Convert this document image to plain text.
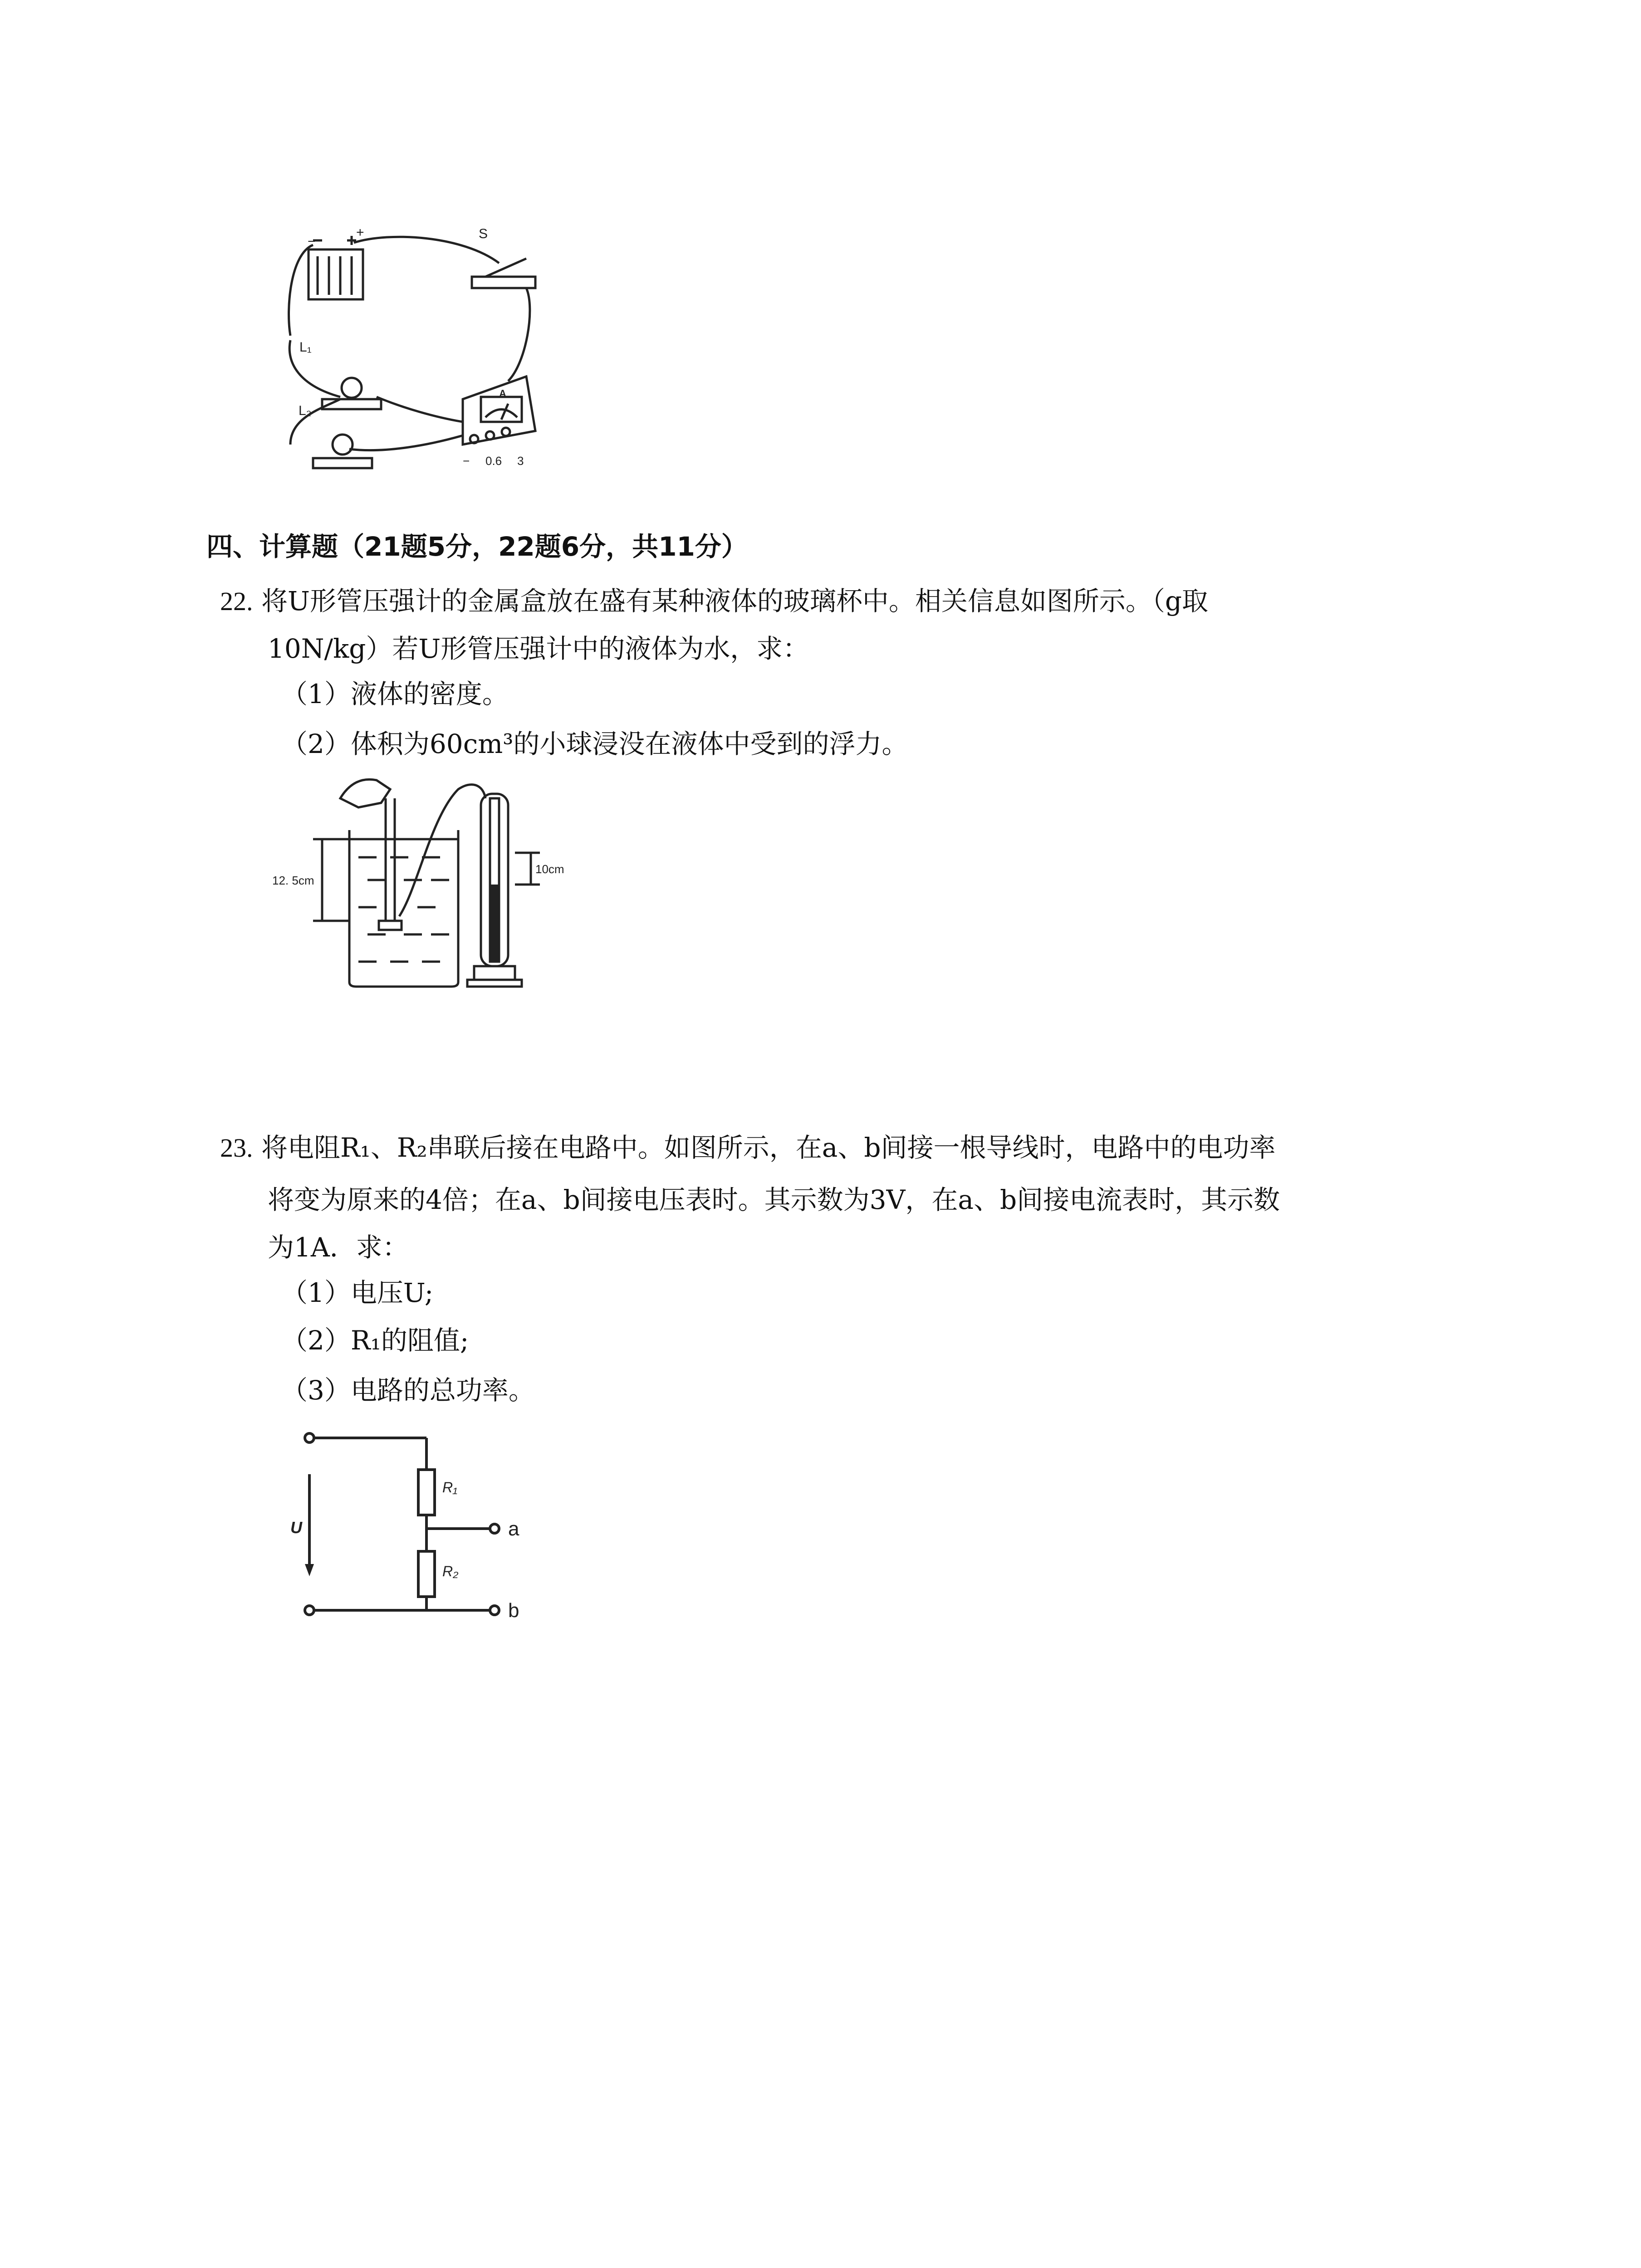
S
L₁
L₂
A
−
+
− 0.6 3
四、计算题（21题5分，22题6分，共11分）
22. 将U形管压强计的金属盒放在盛有某种液体的玻璃杯中。相关信息如图所示。（g取
10N/kg）若U形管压强计中的液体为水，求：
（1）液体的密度。
（2）体积为60cm³的小球浸没在液体中受到的浮力。
12. 5cm
10cm
23. 将电阻R₁、R₂串联后接在电路中。如图所示，在a、b间接一根导线时，电路中的电功率
将变为原来的4倍；在a、b间接电压表时。其示数为3V，在a、b间接电流表时，其示数
为1A．求：
（1）电压U;
（2）R₁的阻值;
（3）电路的总功率。
U
R₁
R₂
a
b
